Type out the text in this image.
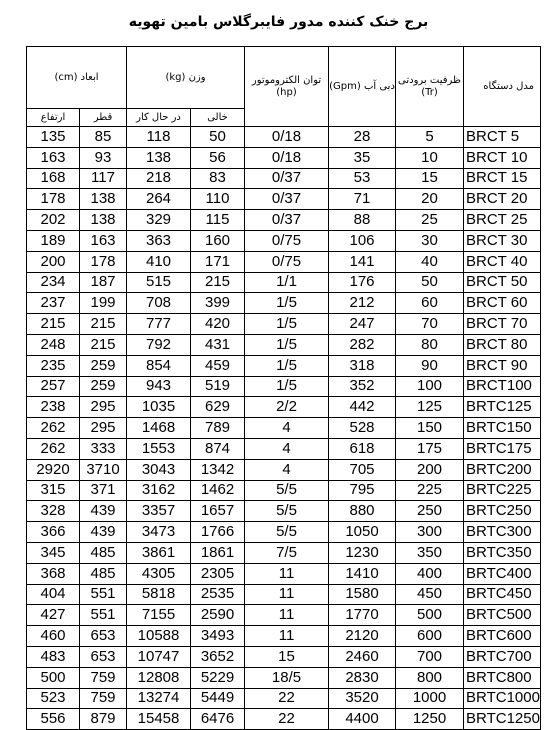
برج خنک کننده مدور فایبرگلاس بامین تهویه
مدل دستگاه	ظرفیت برودتی (Tr)	دبی آب (Gpm)	توان الکتروموتور (hp)	وزن (kg)		ابعاد (cm)	
				خالی	در حال کار	قطر	ارتفاع
BRCT 5	5	28	0/18	50	118	85	135
BRCT 10	10	35	0/18	56	138	93	163
BRCT 15	15	53	0/37	83	218	117	168
BRCT 20	20	71	0/37	110	264	138	178
BRCT 25	25	88	0/37	115	329	138	202
BRCT 30	30	106	0/75	160	363	163	189
BRCT 40	40	141	0/75	171	410	178	200
BRCT 50	50	176	1/1	215	515	187	234
BRCT 60	60	212	1/5	399	708	199	237
BRCT 70	70	247	1/5	420	777	215	215
BRCT 80	80	282	1/5	431	792	215	248
BRCT 90	90	318	1/5	459	854	259	235
BRCT100	100	352	1/5	519	943	259	257
BRTC125	125	442	2/2	629	1035	295	238
BRTC150	150	528	4	789	1468	295	262
BRTC175	175	618	4	874	1553	333	262
BRTC200	200	705	4	1342	3043	3710	2920
BRTC225	225	795	5/5	1462	3162	371	315
BRTC250	250	880	5/5	1657	3357	439	328
BRTC300	300	1050	5/5	1766	3473	439	366
BRTC350	350	1230	7/5	1861	3861	485	345
BRTC400	400	1410	11	2305	4305	485	368
BRTC450	450	1580	11	2535	5818	551	404
BRTC500	500	1770	11	2590	7155	551	427
BRTC600	600	2120	11	3493	10588	653	460
BRTC700	700	2460	15	3652	10747	653	483
BRTC800	800	2830	18/5	5229	12808	759	500
BRTC1000	1000	3520	22	5449	13274	759	523
BRTC1250	1250	4400	22	6476	15458	879	556
